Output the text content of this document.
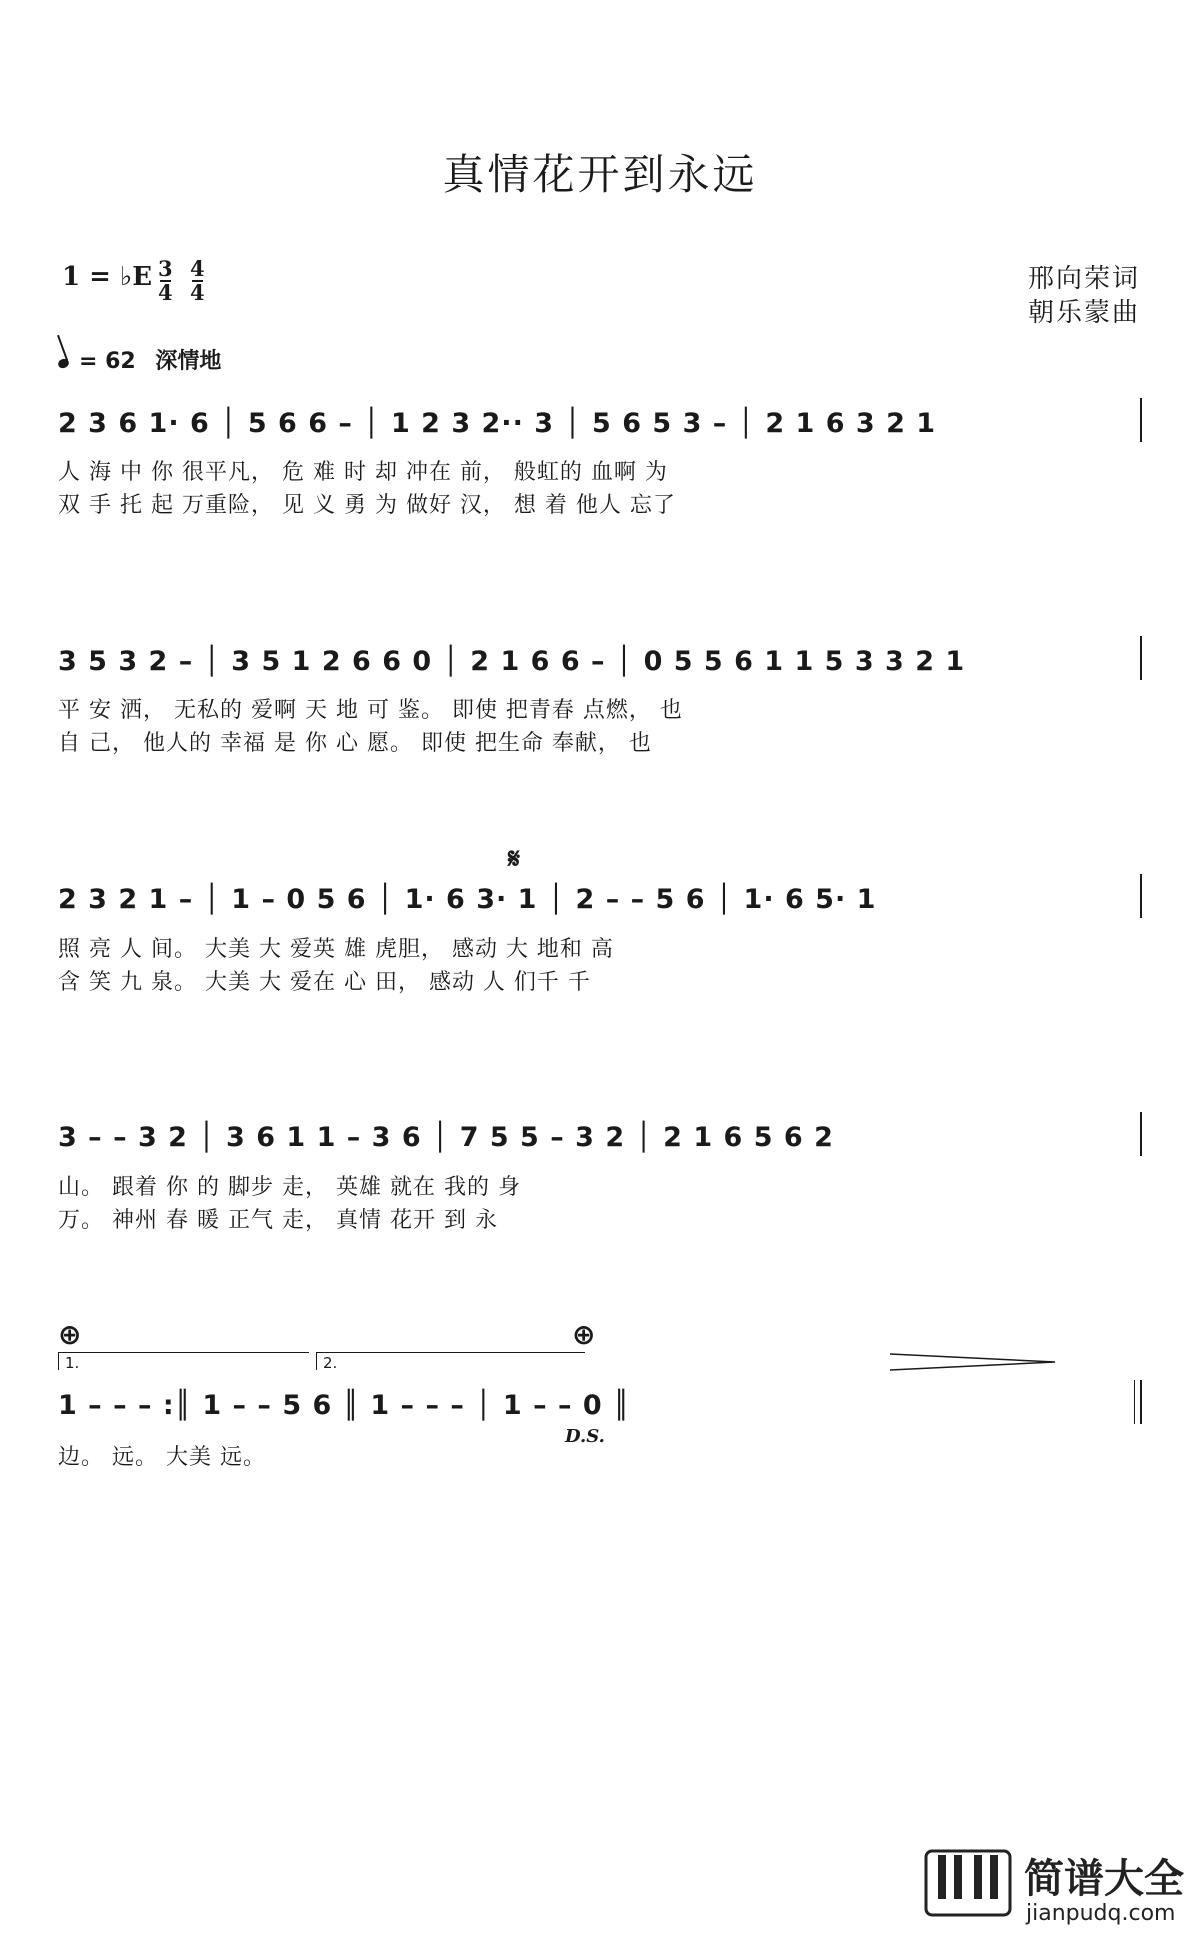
真情花开到永远
1 = ♭E 3
4
4
4	邢向荣词
朝乐蒙曲
= 62 深情地
2 3 6 1· 6 │ 5 6 6 – │ 1 2 3 2·· 3 │ 5 6 5 3 – │ 2 1 6 3 2 1
人 海 中 你 很平凡， 危 难 时 却 冲在 前， 般虹的 血啊 为
双 手 托 起 万重险， 见 义 勇 为 做好 汉， 想 着 他人 忘了
3 5 3 2 – │ 3 5 1 2 6 6 0 │ 2 1 6 6 – │ 0 5 5 6 1 1 5 3 3 2 1
平 安 洒， 无私的 爱啊 天 地 可 鉴。 即使 把青春 点燃， 也
自 己， 他人的 幸福 是 你 心 愿。 即使 把生命 奉献， 也
𝄋
2 3 2 1 – │ 1 – 0 5 6 │ 1· 6 3· 1 │ 2 – – 5 6 │ 1· 6 5· 1
照 亮 人 间。 大美 大 爱英 雄 虎胆， 感动 大 地和 高
含 笑 九 泉。 大美 大 爱在 心 田， 感动 人 们千 千
3 – – 3 2 │ 3 6 1 1 – 3 6 │ 7 5 5 – 3 2 │ 2 1 6 5 6 2
山。 跟着 你 的 脚步 走， 英雄 就在 我的 身
万。 神州 春 暖 正气 走， 真情 花开 到 永
⊕	⊕
1.	2.
1 – – – :║ 1 – – 5 6 ║ 1 – – – │ 1 – – 0 ║
边。 远。 大美 远。
D.S.
简谱大全
jianpudq.com
